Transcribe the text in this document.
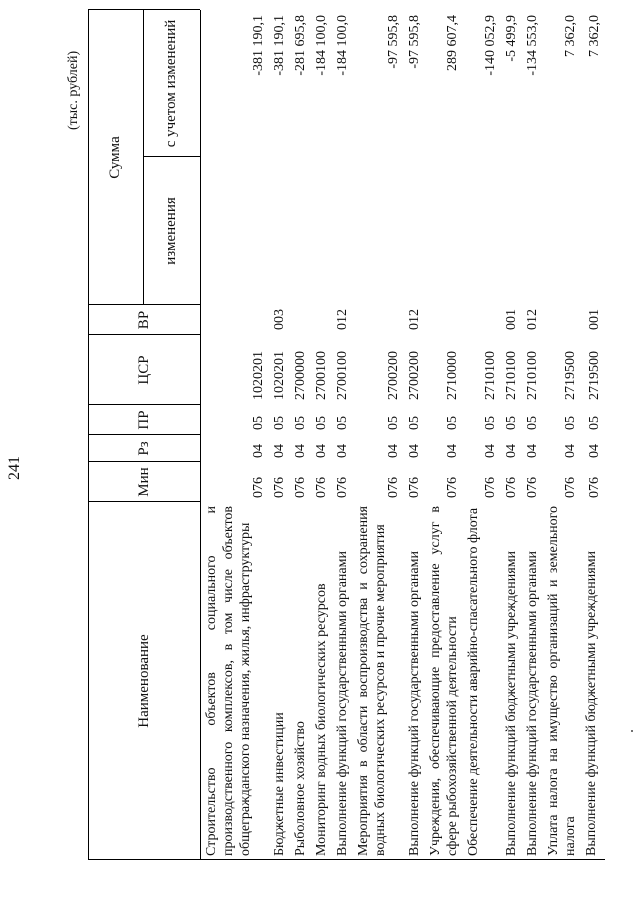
241
(тыс. рублей)
Наименование
Мин
Рз
ПР
ЦСР
ВР
Сумма
изменения
с учетом изменений
Строительство объектов социального и производственного комплексов, в том числе объектов общегражданского назначения, жилья, инфраструктуры
076
04
05
1020201
-381 190,1
Бюджетные инвестиции
076
04
05
1020201
003
-381 190,1
Рыболовное хозяйство
076
04
05
2700000
-281 695,8
Мониторинг водных биологических ресурсов
076
04
05
2700100
-184 100,0
Выполнение функций государственными органами
076
04
05
2700100
012
-184 100,0
Мероприятия в области воспроизводства и сохранения водных биологических ресурсов и прочие мероприятия
076
04
05
2700200
-97 595,8
Выполнение функций государственными органами
076
04
05
2700200
012
-97 595,8
Учреждения, обеспечивающие предоставление услуг в сфере рыбохозяйственной деятельности
076
04
05
2710000
289 607,4
Обеспечение деятельности аварийно-спасательного флота
076
04
05
2710100
-140 052,9
Выполнение функций бюджетными учреждениями
076
04
05
2710100
001
-5 499,9
Выполнение функций государственными органами
076
04
05
2710100
012
-134 553,0
Уплата налога на имущество организаций и земельного налога
076
04
05
2719500
7 362,0
Выполнение функций бюджетными учреждениями
076
04
05
2719500
001
7 362,0
